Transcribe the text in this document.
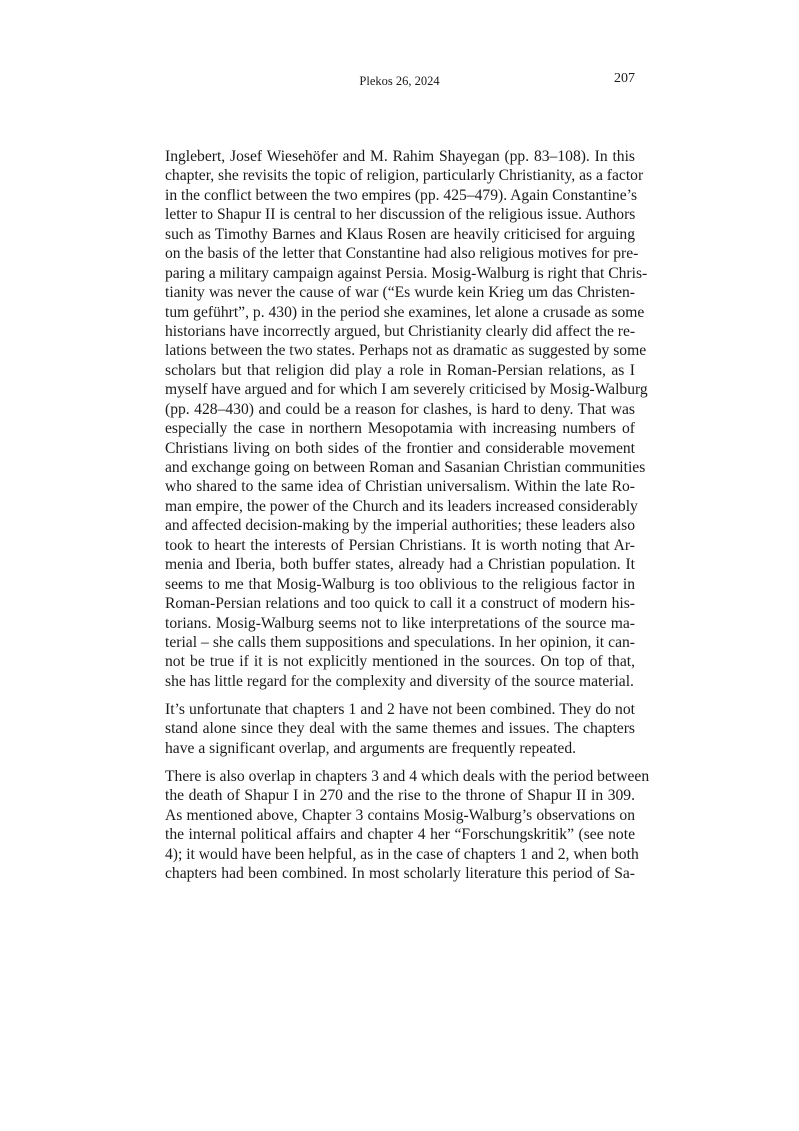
Plekos 26, 2024	207

Inglebert, Josef Wiesehöfer and M. Rahim Shayegan (pp. 83–108). In this
chapter, she revisits the topic of religion, particularly Christianity, as a factor
in the conflict between the two empires (pp. 425–479). Again Constantine’s
letter to Shapur II is central to her discussion of the religious issue. Authors
such as Timothy Barnes and Klaus Rosen are heavily criticised for arguing
on the basis of the letter that Constantine had also religious motives for pre-
paring a military campaign against Persia. Mosig-Walburg is right that Chris-
tianity was never the cause of war (“Es wurde kein Krieg um das Christen-
tum geführt”, p. 430) in the period she examines, let alone a crusade as some
historians have incorrectly argued, but Christianity clearly did affect the re-
lations between the two states. Perhaps not as dramatic as suggested by some
scholars but that religion did play a role in Roman-Persian relations, as I
myself have argued and for which I am severely criticised by Mosig-Walburg
(pp. 428–430) and could be a reason for clashes, is hard to deny. That was
especially the case in northern Mesopotamia with increasing numbers of
Christians living on both sides of the frontier and considerable movement
and exchange going on between Roman and Sasanian Christian communities
who shared to the same idea of Christian universalism. Within the late Ro-
man empire, the power of the Church and its leaders increased considerably
and affected decision-making by the imperial authorities; these leaders also
took to heart the interests of Persian Christians. It is worth noting that Ar-
menia and Iberia, both buffer states, already had a Christian population. It
seems to me that Mosig-Walburg is too oblivious to the religious factor in
Roman-Persian relations and too quick to call it a construct of modern his-
torians. Mosig-Walburg seems not to like interpretations of the source ma-
terial – she calls them suppositions and speculations. In her opinion, it can-
not be true if it is not explicitly mentioned in the sources. On top of that,
she has little regard for the complexity and diversity of the source material.

It’s unfortunate that chapters 1 and 2 have not been combined. They do not
stand alone since they deal with the same themes and issues. The chapters
have a significant overlap, and arguments are frequently repeated.

There is also overlap in chapters 3 and 4 which deals with the period between
the death of Shapur I in 270 and the rise to the throne of Shapur II in 309.
As mentioned above, Chapter 3 contains Mosig-Walburg’s observations on
the internal political affairs and chapter 4 her “Forschungskritik” (see note
4); it would have been helpful, as in the case of chapters 1 and 2, when both
chapters had been combined. In most scholarly literature this period of Sa-
